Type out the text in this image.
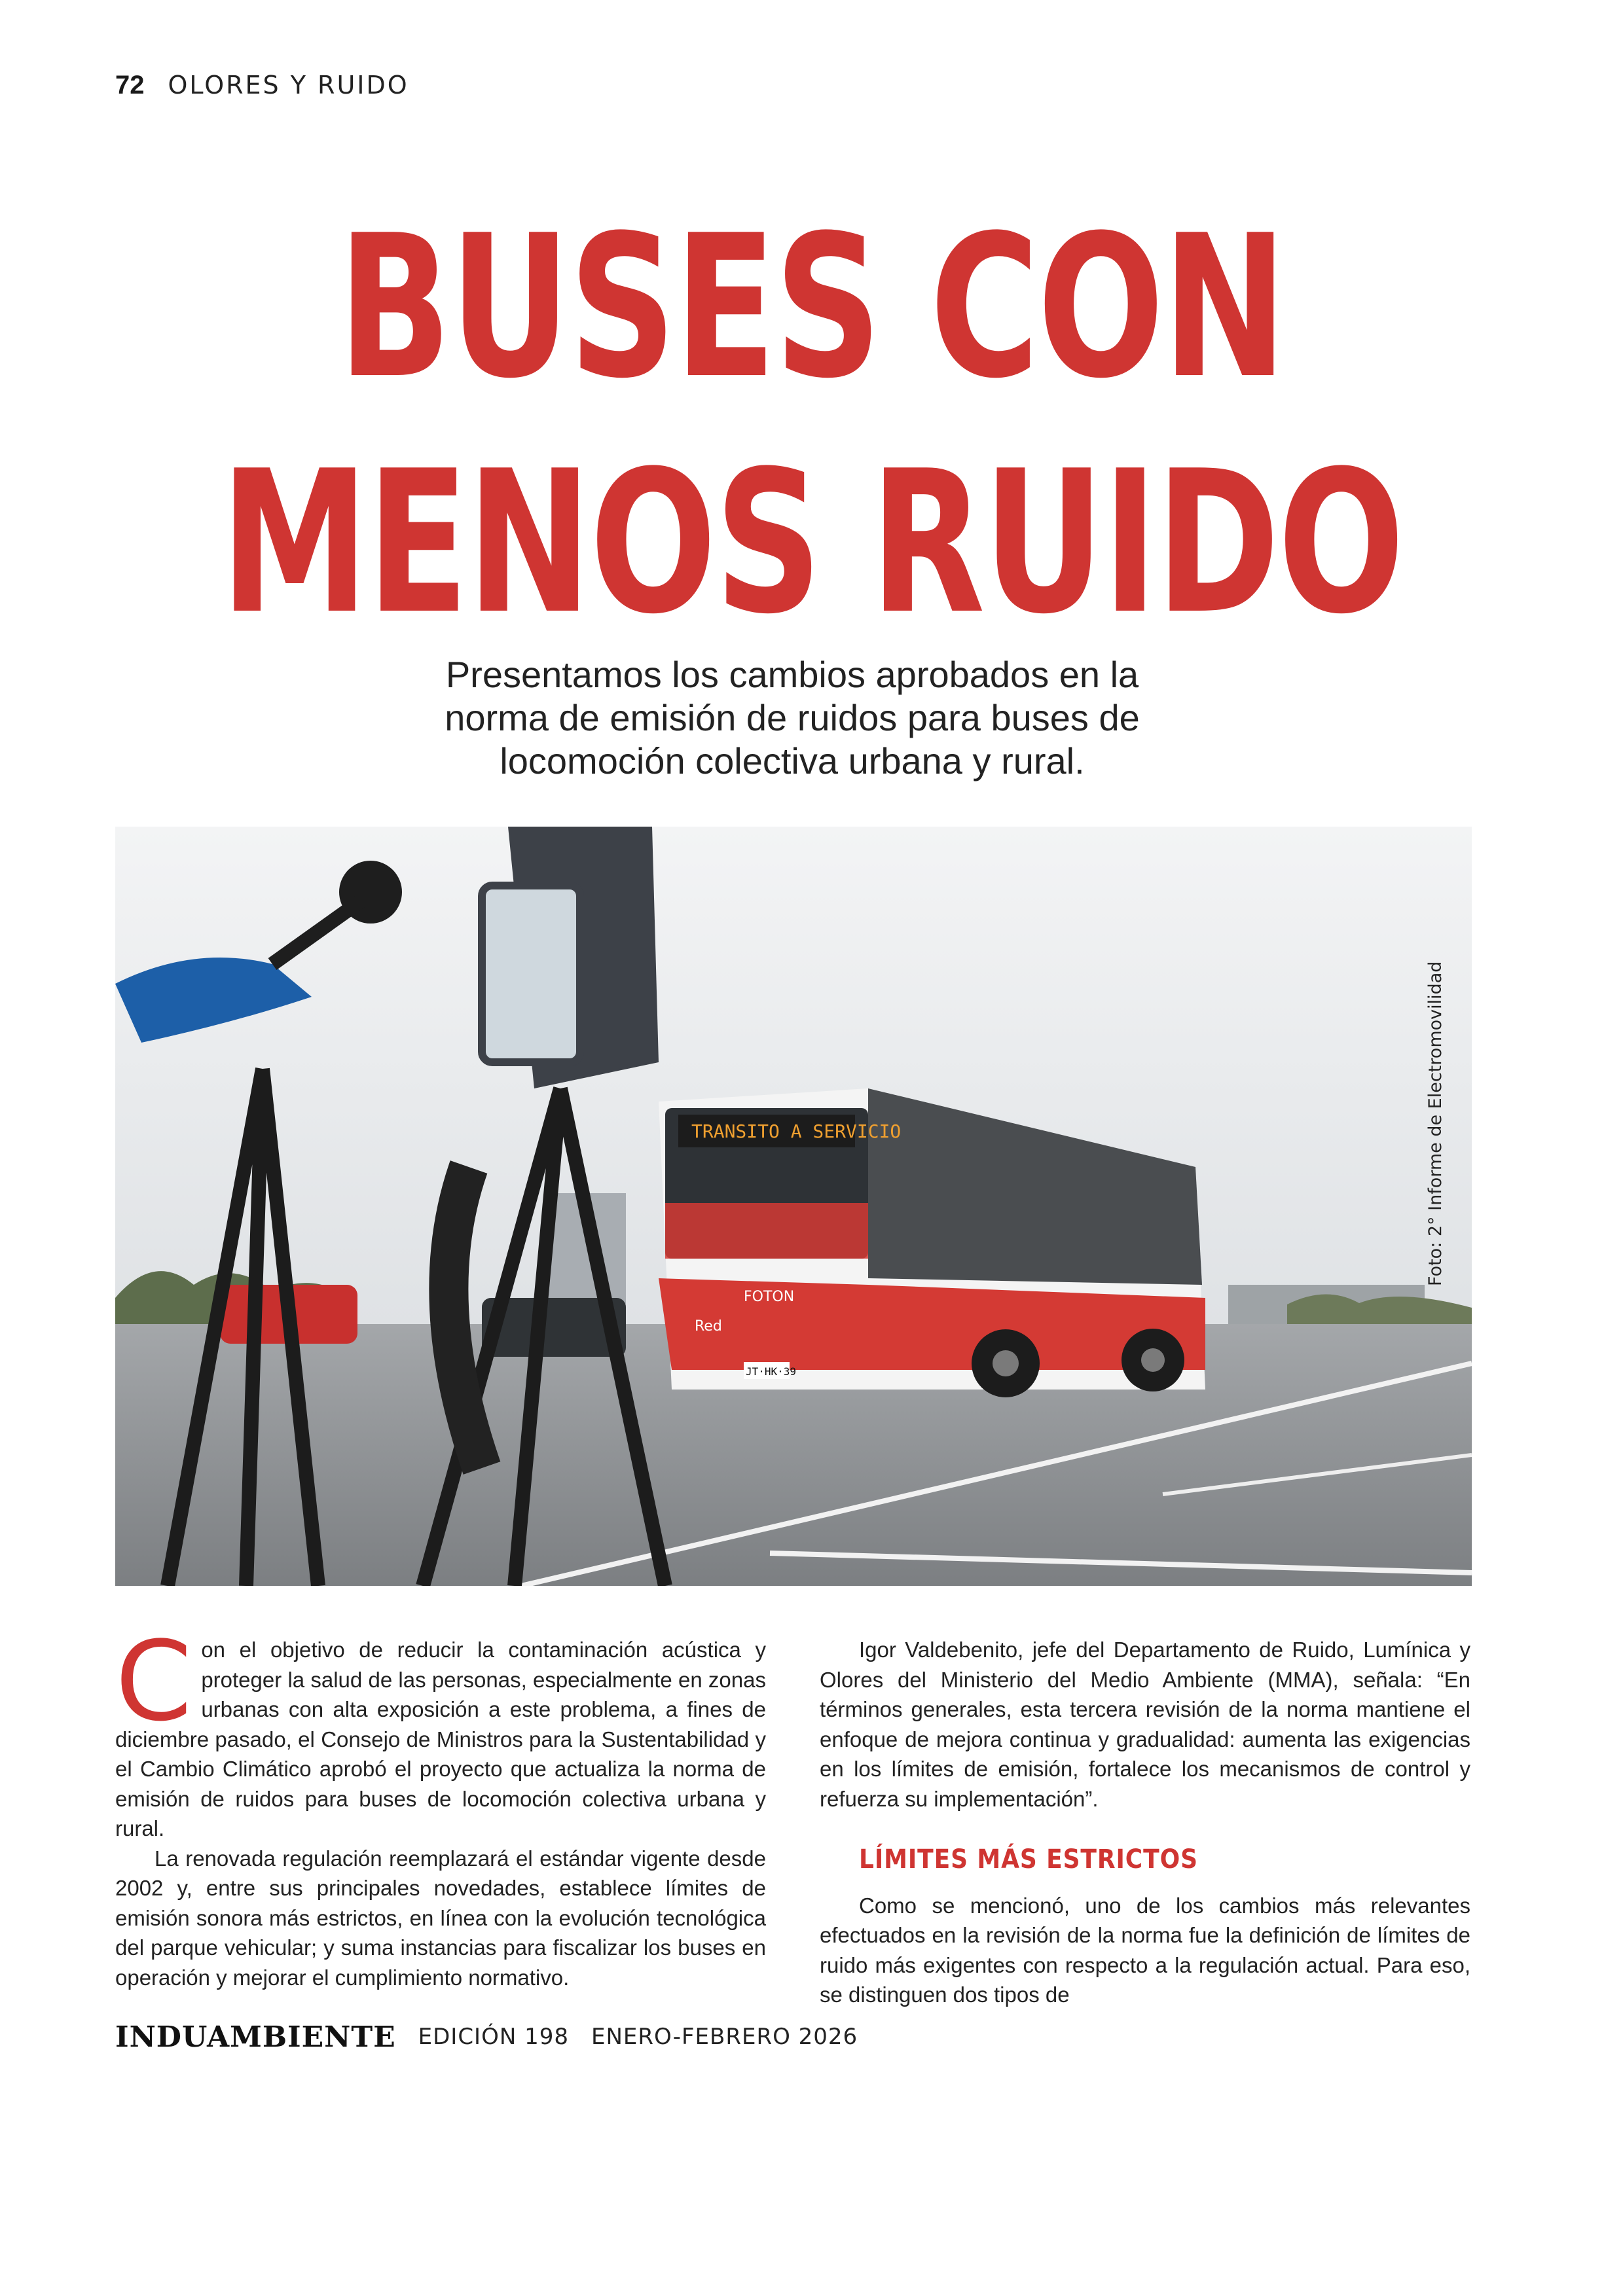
72 OLORES Y RUIDO
BUSES CON
MENOS RUIDO
Presentamos los cambios aprobados en la
norma de emisión de ruidos para buses de
locomoción colectiva urbana y rural.
TRANSITO A SERVICIO
FOTON
Red
JT·HK·39
Foto: 2° Informe de Electromovilidad

Con el objetivo de reducir la contaminación acústica y proteger la salud de las personas, especialmente en zonas urbanas con alta exposición a este problema, a fines de diciembre pasado, el Consejo de Ministros para la Sustentabilidad y el Cambio Climático aprobó el proyecto que actualiza la norma de emisión de ruidos para buses de locomoción colectiva urbana y rural.

La renovada regulación reemplazará el estándar vigente desde 2002 y, entre sus principales novedades, establece límites de emisión sonora más estrictos, en línea con la evolución tecnológica del parque vehicular; y suma instancias para fiscalizar los buses en operación y mejorar el cumplimiento normativo.

Igor Valdebenito, jefe del Departamento de Ruido, Lumínica y Olores del Ministerio del Medio Ambiente (MMA), señala: “En términos generales, esta tercera revisión de la norma mantiene el enfoque de mejora continua y gradualidad: aumenta las exigencias en los límites de emisión, fortalece los mecanismos de control y refuerza su implementación”.

LÍMITES MÁS ESTRICTOS

Como se mencionó, uno de los cambios más relevantes efectuados en la revisión de la norma fue la definición de límites de ruido más exigentes con respecto a la regulación actual. Para eso, se distinguen dos tipos de

INDUAMBIENTE EDICIÓN 198 ENERO-FEBRERO 2026
